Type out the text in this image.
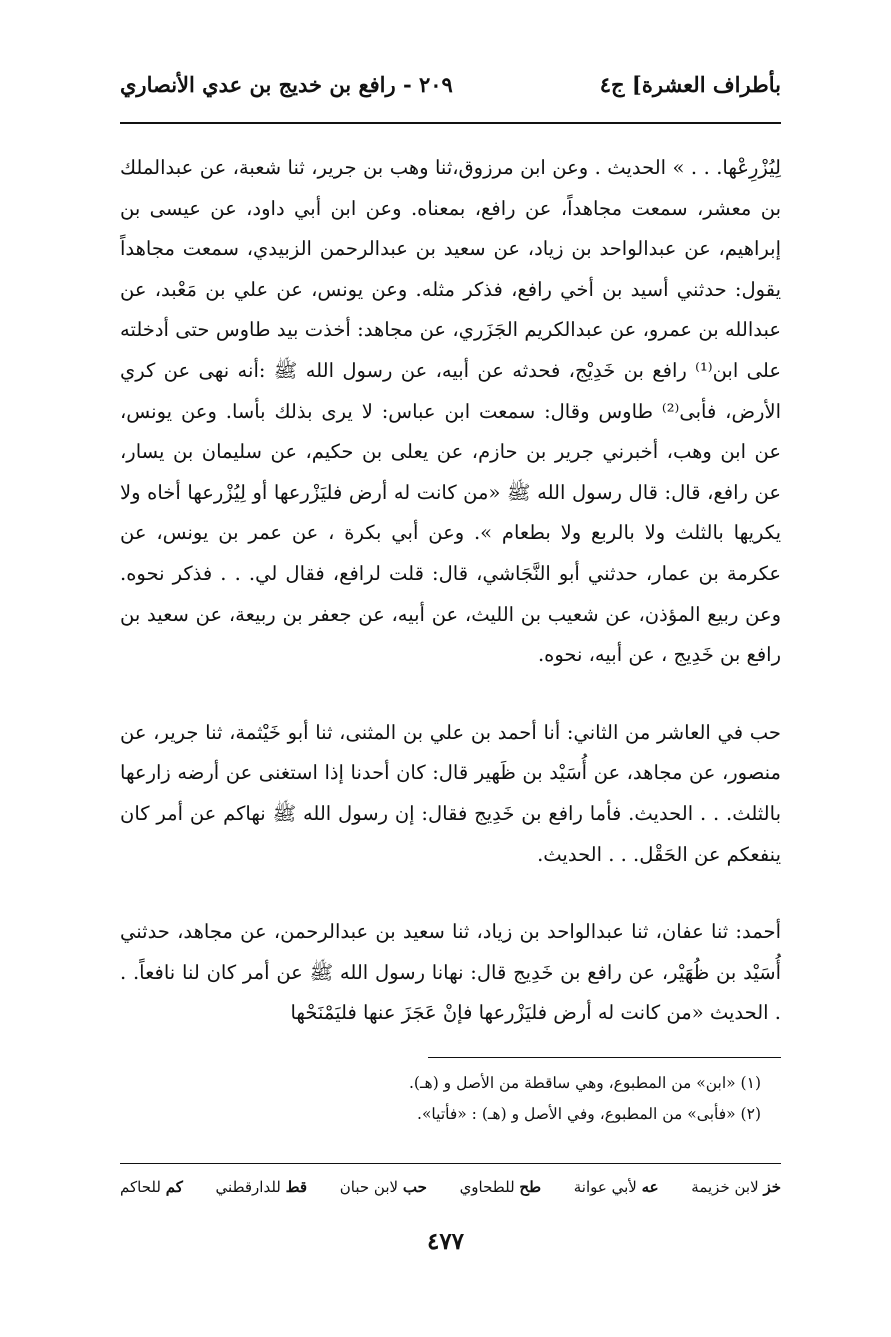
بأطراف العشرة] ج٤
٢٠٩ - رافع بن خديج بن عدي الأنصاري

لِيُزْرِعْها. . . » الحديث . وعن ابن مرزوق،ثنا وهب بن جرير، ثنا شعبة، عن عبدالملك بن معشر، سمعت مجاهداً، عن رافع، بمعناه. وعن ابن أبي داود، عن عيسى بن إبراهيم، عن عبدالواحد بن زياد، عن سعيد بن عبدالرحمن الزبيدي، سمعت مجاهداً يقول: حدثني أسيد بن أخي رافع، فذكر مثله. وعن يونس، عن علي بن مَعْبد، عن عبدالله بن عمرو، عن عبدالكريم الجَزَري، عن مجاهد: أخذت بيد طاوس حتى أدخلته على ابن⁽¹⁾ رافع بن خَدِيْج، فحدثه عن أبيه، عن رسول الله ﷺ :أنه نهى عن كري الأرض، فأبى⁽²⁾ طاوس وقال: سمعت ابن عباس: لا يرى بذلك بأسا. وعن يونس، عن ابن وهب، أخبرني جرير بن حازم، عن يعلى بن حكيم، عن سليمان بن يسار، عن رافع، قال: قال رسول الله ﷺ «من كانت له أرض فليَزْرعها أو لِيُزْرعها أخاه ولا يكريها بالثلث ولا بالربع ولا بطعام ». وعن أبي بكرة ، عن عمر بن يونس، عن عكرمة بن عمار، حدثني أبو النَّجَاشي، قال: قلت لرافع، فقال لي. . . فذكر نحوه. وعن ربيع المؤذن، عن شعيب بن الليث، عن أبيه، عن جعفر بن ربيعة، عن سعيد بن رافع بن خَدِيج ، عن أبيه، نحوه.

حب في العاشر من الثاني: أنا أحمد بن علي بن المثنى، ثنا أبو خَيْثمة، ثنا جرير، عن منصور، عن مجاهد، عن أُسَيْد بن ظَهير قال: كان أحدنا إذا استغنى عن أرضه زارعها بالثلث. . . الحديث. فأما رافع بن خَدِيج فقال: إن رسول الله ﷺ نهاكم عن أمر كان ينفعكم عن الحَقْل. . . الحديث.

أحمد: ثنا عفان، ثنا عبدالواحد بن زياد، ثنا سعيد بن عبدالرحمن، عن مجاهد، حدثني أُسَيْد بن ظُهَيْر، عن رافع بن خَدِيج قال: نهانا رسول الله ﷺ عن أمر كان لنا نافعاً. . . الحديث «من كانت له أرض فليَزْرعها فإنْ عَجَزَ عنها فليَمْنَحْها

(١) «ابن» من المطبوع، وهي ساقطة من الأصل و (هـ).

(٢) «فأبى» من المطبوع، وفي الأصل و (هـ) : «فأتيا».

خز لابن خزيمة
عه لأبي عوانة
طح للطحاوي
حب لابن حبان
قط للدارقطني
كم للحاكم
٤٧٧
